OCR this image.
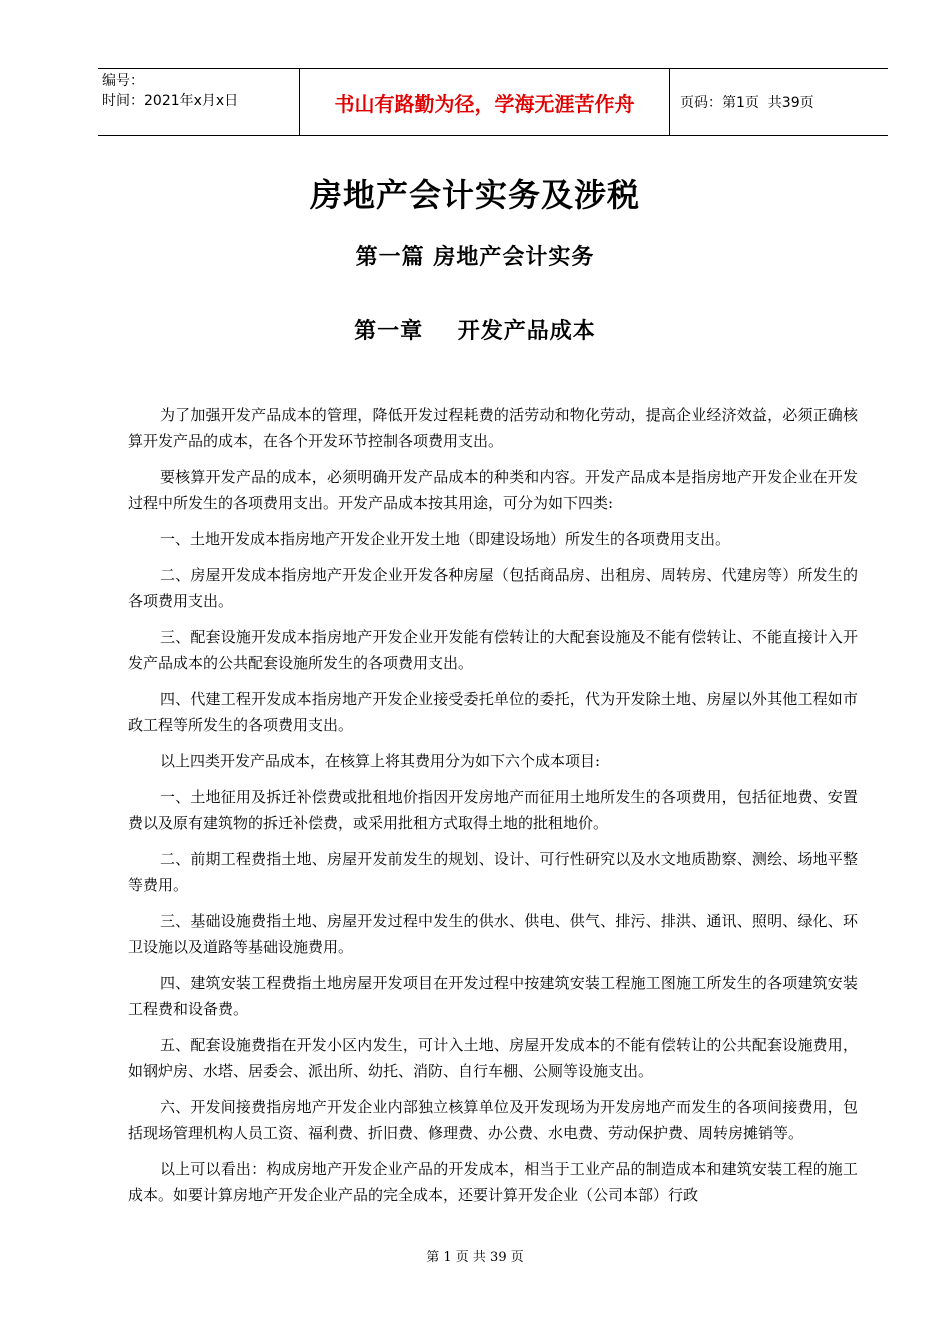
编号：
时间：2021年x月x日	书山有路勤为径，学海无涯苦作舟	页码：第1页  共39页
房地产会计实务及涉税
第一篇 房地产会计实务
第一章    开发产品成本

为了加强开发产品成本的管理，降低开发过程耗费的活劳动和物化劳动，提高企业经济效益，必须正确核算开发产品的成本，在各个开发环节控制各项费用支出。

要核算开发产品的成本，必须明确开发产品成本的种类和内容。开发产品成本是指房地产开发企业在开发过程中所发生的各项费用支出。开发产品成本按其用途，可分为如下四类:

一、土地开发成本指房地产开发企业开发土地（即建设场地）所发生的各项费用支出。

二、房屋开发成本指房地产开发企业开发各种房屋（包括商品房、出租房、周转房、代建房等）所发生的各项费用支出。

三、配套设施开发成本指房地产开发企业开发能有偿转让的大配套设施及不能有偿转让、不能直接计入开发产品成本的公共配套设施所发生的各项费用支出。

四、代建工程开发成本指房地产开发企业接受委托单位的委托，代为开发除土地、房屋以外其他工程如市政工程等所发生的各项费用支出。

以上四类开发产品成本，在核算上将其费用分为如下六个成本项目:

一、土地征用及拆迁补偿费或批租地价指因开发房地产而征用土地所发生的各项费用，包括征地费、安置费以及原有建筑物的拆迁补偿费，或采用批租方式取得土地的批租地价。

二、前期工程费指土地、房屋开发前发生的规划、设计、可行性研究以及水文地质勘察、测绘、场地平整等费用。

三、基础设施费指土地、房屋开发过程中发生的供水、供电、供气、排污、排洪、通讯、照明、绿化、环卫设施以及道路等基础设施费用。

四、建筑安装工程费指土地房屋开发项目在开发过程中按建筑安装工程施工图施工所发生的各项建筑安装工程费和设备费。

五、配套设施费指在开发小区内发生，可计入土地、房屋开发成本的不能有偿转让的公共配套设施费用，如钢炉房、水塔、居委会、派出所、幼托、消防、自行车棚、公厕等设施支出。

六、开发间接费指房地产开发企业内部独立核算单位及开发现场为开发房地产而发生的各项间接费用，包括现场管理机构人员工资、福利费、折旧费、修理费、办公费、水电费、劳动保护费、周转房摊销等。

以上可以看出：构成房地产开发企业产品的开发成本，相当于工业产品的制造成本和建筑安装工程的施工成本。如要计算房地产开发企业产品的完全成本，还要计算开发企业（公司本部）行政

第 1 页 共 39 页
